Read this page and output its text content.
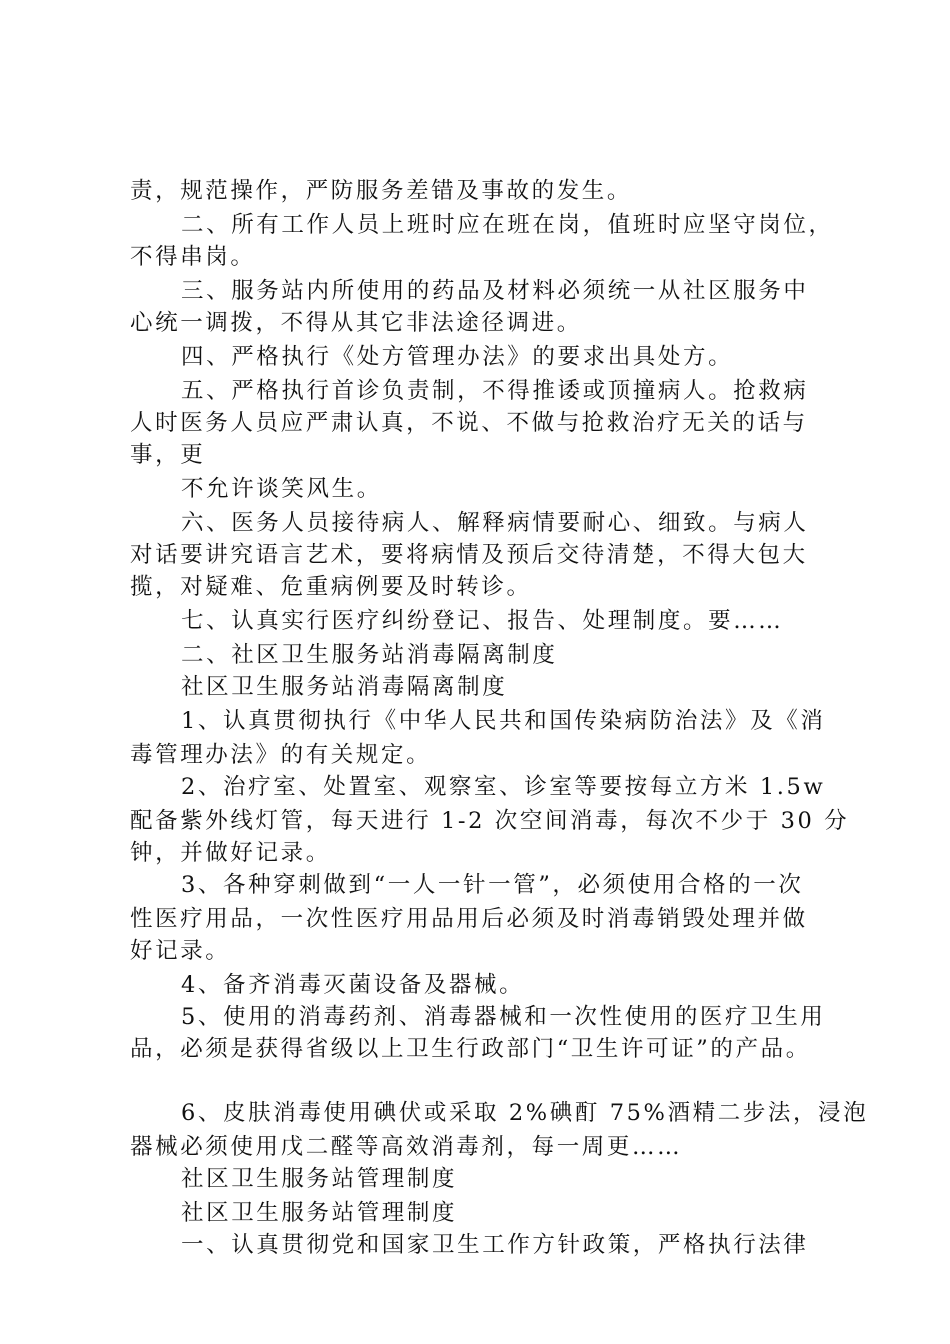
责，规范操作，严防服务差错及事故的发生。
二、所有工作人员上班时应在班在岗，值班时应坚守岗位，
不得串岗。
三、服务站内所使用的药品及材料必须统一从社区服务中
心统一调拨，不得从其它非法途径调进。
四、严格执行《处方管理办法》的要求出具处方。
五、严格执行首诊负责制，不得推诿或顶撞病人。抢救病
人时医务人员应严肃认真，不说、不做与抢救治疗无关的话与
事，更
不允许谈笑风生。
六、医务人员接待病人、解释病情要耐心、细致。与病人
对话要讲究语言艺术，要将病情及预后交待清楚，不得大包大
揽，对疑难、危重病例要及时转诊。
七、认真实行医疗纠纷登记、报告、处理制度。要……
二、社区卫生服务站消毒隔离制度
社区卫生服务站消毒隔离制度
1、认真贯彻执行《中华人民共和国传染病防治法》及《消
毒管理办法》的有关规定。
2、治疗室、处置室、观察室、诊室等要按每立方米 1.5w
配备紫外线灯管，每天进行 1-2 次空间消毒，每次不少于 30 分
钟，并做好记录。
3、各种穿刺做到“一人一针一管”，必须使用合格的一次
性医疗用品，一次性医疗用品用后必须及时消毒销毁处理并做
好记录。
4、备齐消毒灭菌设备及器械。
5、使用的消毒药剂、消毒器械和一次性使用的医疗卫生用
品，必须是获得省级以上卫生行政部门“卫生许可证”的产品。
6、皮肤消毒使用碘伏或采取 2%碘酊 75%酒精二步法，浸泡
器械必须使用戊二醛等高效消毒剂，每一周更……
社区卫生服务站管理制度
社区卫生服务站管理制度
一、认真贯彻党和国家卫生工作方针政策，严格执行法律
